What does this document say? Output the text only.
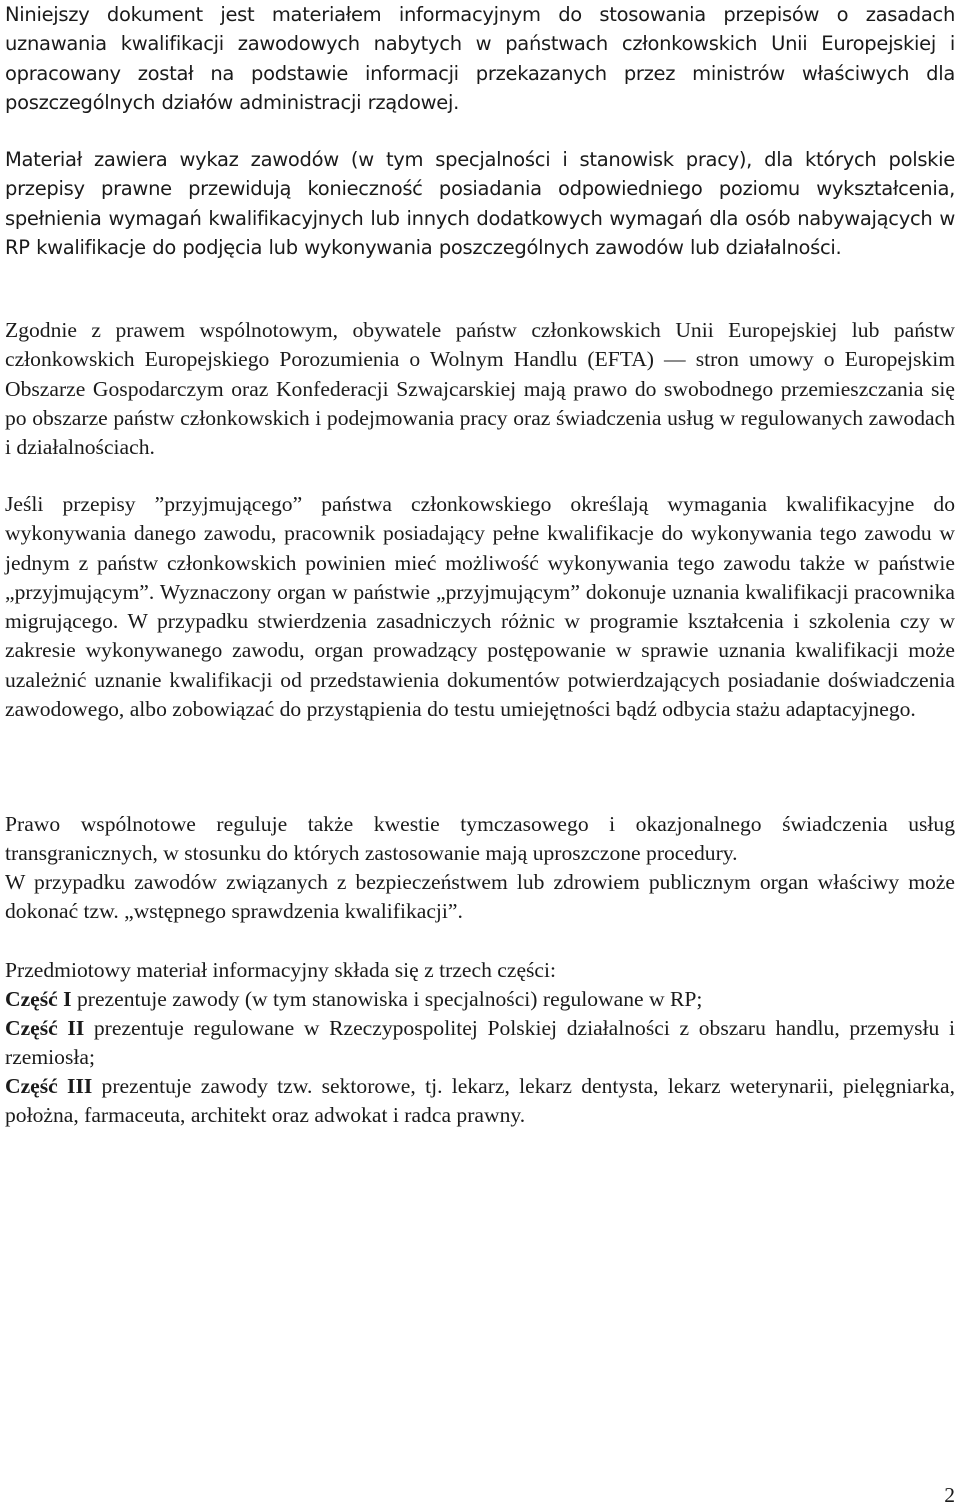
Niniejszy dokument jest materiałem informacyjnym do stosowania przepisów o zasadach uznawania kwalifikacji zawodowych nabytych w państwach członkowskich Unii Europejskiej i opracowany został na podstawie informacji przekazanych przez ministrów właściwych dla poszczególnych działów administracji rządowej.

Materiał zawiera wykaz zawodów (w tym specjalności i stanowisk pracy), dla których polskie przepisy prawne przewidują konieczność posiadania odpowiedniego poziomu wykształcenia, spełnienia wymagań kwalifikacyjnych lub innych dodatkowych wymagań dla osób nabywających w RP kwalifikacje do podjęcia lub wykonywania poszczególnych zawodów lub działalności.

Zgodnie z prawem wspólnotowym, obywatele państw członkowskich Unii Europejskiej lub państw członkowskich Europejskiego Porozumienia o Wolnym Handlu (EFTA) — stron umowy o Europejskim Obszarze Gospodarczym oraz Konfederacji Szwajcarskiej mają prawo do swobodnego przemieszczania się po obszarze państw członkowskich i podejmowania pracy oraz świadczenia usług w regulowanych zawodach i działalnościach.

Jeśli przepisy ”przyjmującego” państwa członkowskiego określają wymagania kwalifikacyjne do wykonywania danego zawodu, pracownik posiadający pełne kwalifikacje do wykonywania tego zawodu w jednym z państw członkowskich powinien mieć możliwość wykonywania tego zawodu także w państwie „przyjmującym”. Wyznaczony organ w państwie „przyjmującym” dokonuje uznania kwalifikacji pracownika migrującego. W przypadku stwierdzenia zasadniczych różnic w programie kształcenia i szkolenia czy w zakresie wykonywanego zawodu, organ prowadzący postępowanie w sprawie uznania kwalifikacji może uzależnić uznanie kwalifikacji od przedstawienia dokumentów potwierdzających posiadanie doświadczenia zawodowego, albo zobowiązać do przystąpienia do testu umiejętności bądź odbycia stażu adaptacyjnego.

Prawo wspólnotowe reguluje także kwestie tymczasowego i okazjonalnego świadczenia usług transgranicznych, w stosunku do których zastosowanie mają uproszczone procedury.

W przypadku zawodów związanych z bezpieczeństwem lub zdrowiem publicznym organ właściwy może dokonać tzw. „wstępnego sprawdzenia kwalifikacji”.

Przedmiotowy materiał informacyjny składa się z trzech części:

Część I prezentuje zawody (w tym stanowiska i specjalności) regulowane w RP;

Część II prezentuje regulowane w Rzeczypospolitej Polskiej działalności z obszaru handlu, przemysłu i rzemiosła;

Część III prezentuje zawody tzw. sektorowe, tj. lekarz, lekarz dentysta, lekarz weterynarii, pielęgniarka, położna, farmaceuta, architekt oraz adwokat i radca prawny.

2
